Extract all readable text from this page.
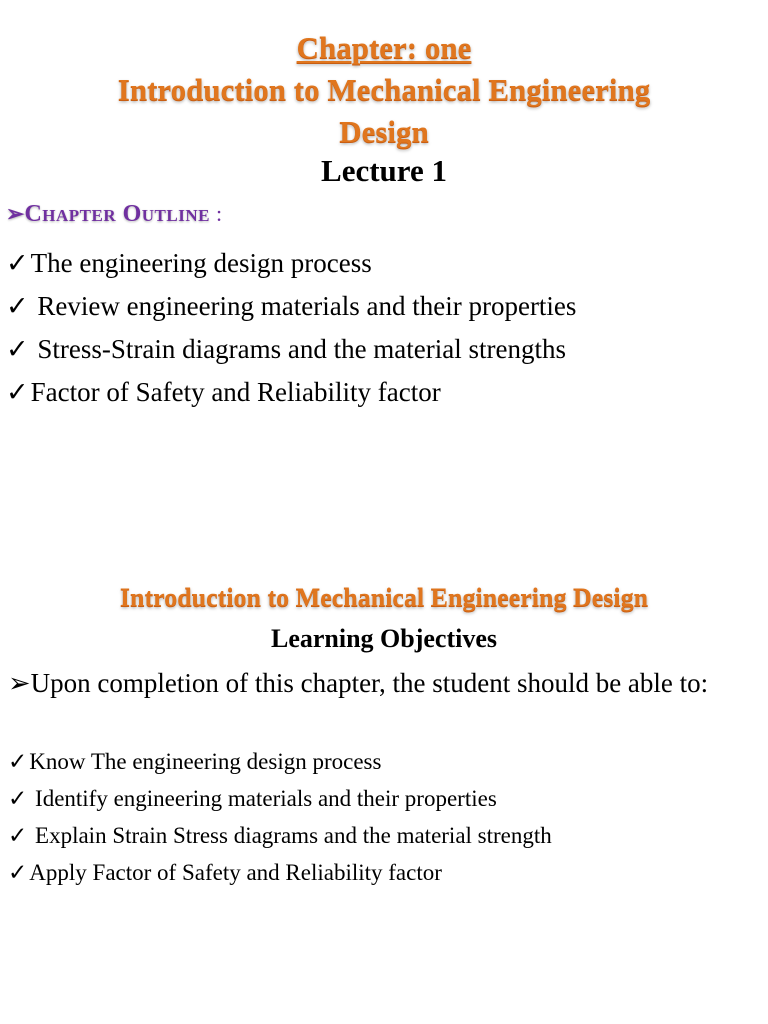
Chapter: one
Introduction to Mechanical Engineering
Design
Lecture 1
➢Chapter Outline :
✓The engineering design process
✓ Review engineering materials and their properties
✓ Stress-Strain diagrams and the material strengths
✓Factor of Safety and Reliability factor
Introduction to Mechanical Engineering Design
Learning Objectives
➢Upon completion of this chapter, the student should be able to:
✓Know The engineering design process
✓ Identify engineering materials and their properties
✓ Explain Strain Stress diagrams and the material strength
✓Apply Factor of Safety and Reliability factor
